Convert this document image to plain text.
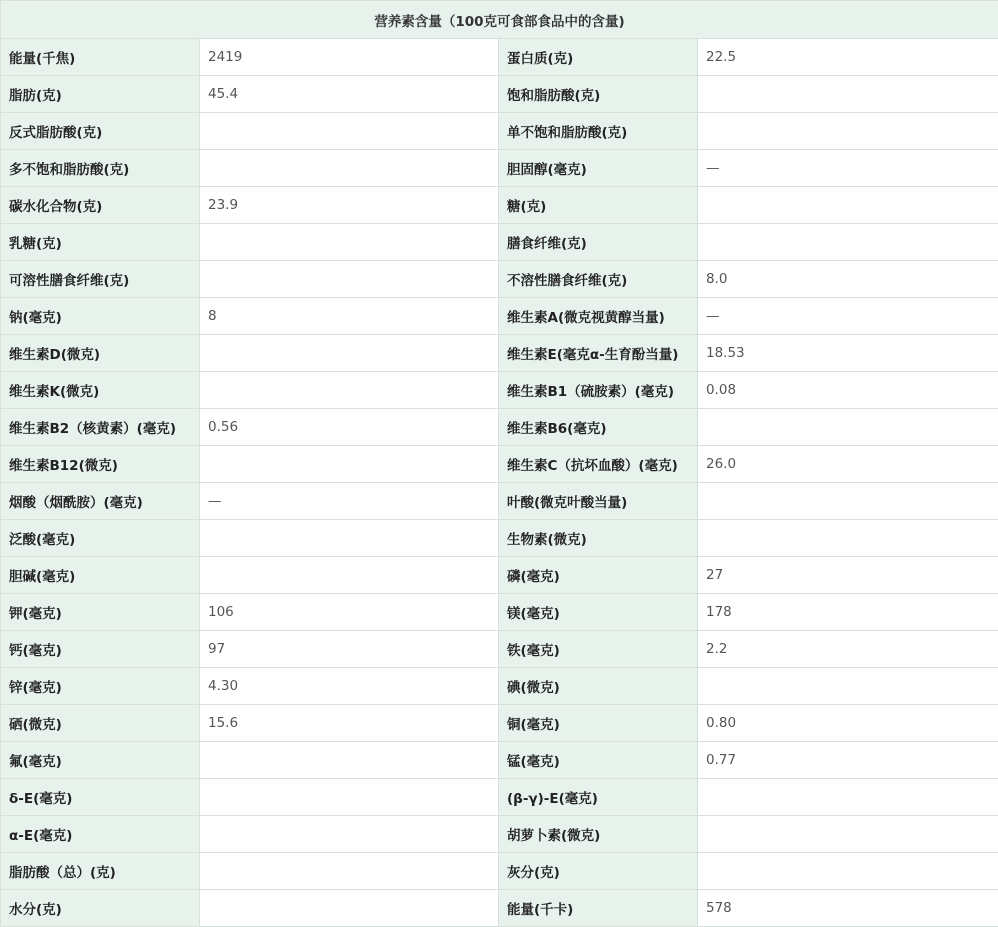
营养素含量（100克可食部食品中的含量)			
能量(千焦)	2419	蛋白质(克)	22.5
脂肪(克)	45.4	饱和脂肪酸(克)	
反式脂肪酸(克)		单不饱和脂肪酸(克)	
多不饱和脂肪酸(克)		胆固醇(毫克)	—
碳水化合物(克)	23.9	糖(克)	
乳糖(克)		膳食纤维(克)	
可溶性膳食纤维(克)		不溶性膳食纤维(克)	8.0
钠(毫克)	8	维生素A(微克视黄醇当量)	—
维生素D(微克)		维生素E(毫克α-生育酚当量)	18.53
维生素K(微克)		维生素B1（硫胺素）(毫克)	0.08
维生素B2（核黄素）(毫克)	0.56	维生素B6(毫克)	
维生素B12(微克)		维生素C（抗坏血酸）(毫克)	26.0
烟酸（烟酰胺）(毫克)	—	叶酸(微克叶酸当量)	
泛酸(毫克)		生物素(微克)	
胆碱(毫克)		磷(毫克)	27
钾(毫克)	106	镁(毫克)	178
钙(毫克)	97	铁(毫克)	2.2
锌(毫克)	4.30	碘(微克)	
硒(微克)	15.6	铜(毫克)	0.80
氟(毫克)		锰(毫克)	0.77
δ-E(毫克)		(β-γ)-E(毫克)	
α-E(毫克)		胡萝卜素(微克)	
脂肪酸（总）(克)		灰分(克)	
水分(克)		能量(千卡)	578
